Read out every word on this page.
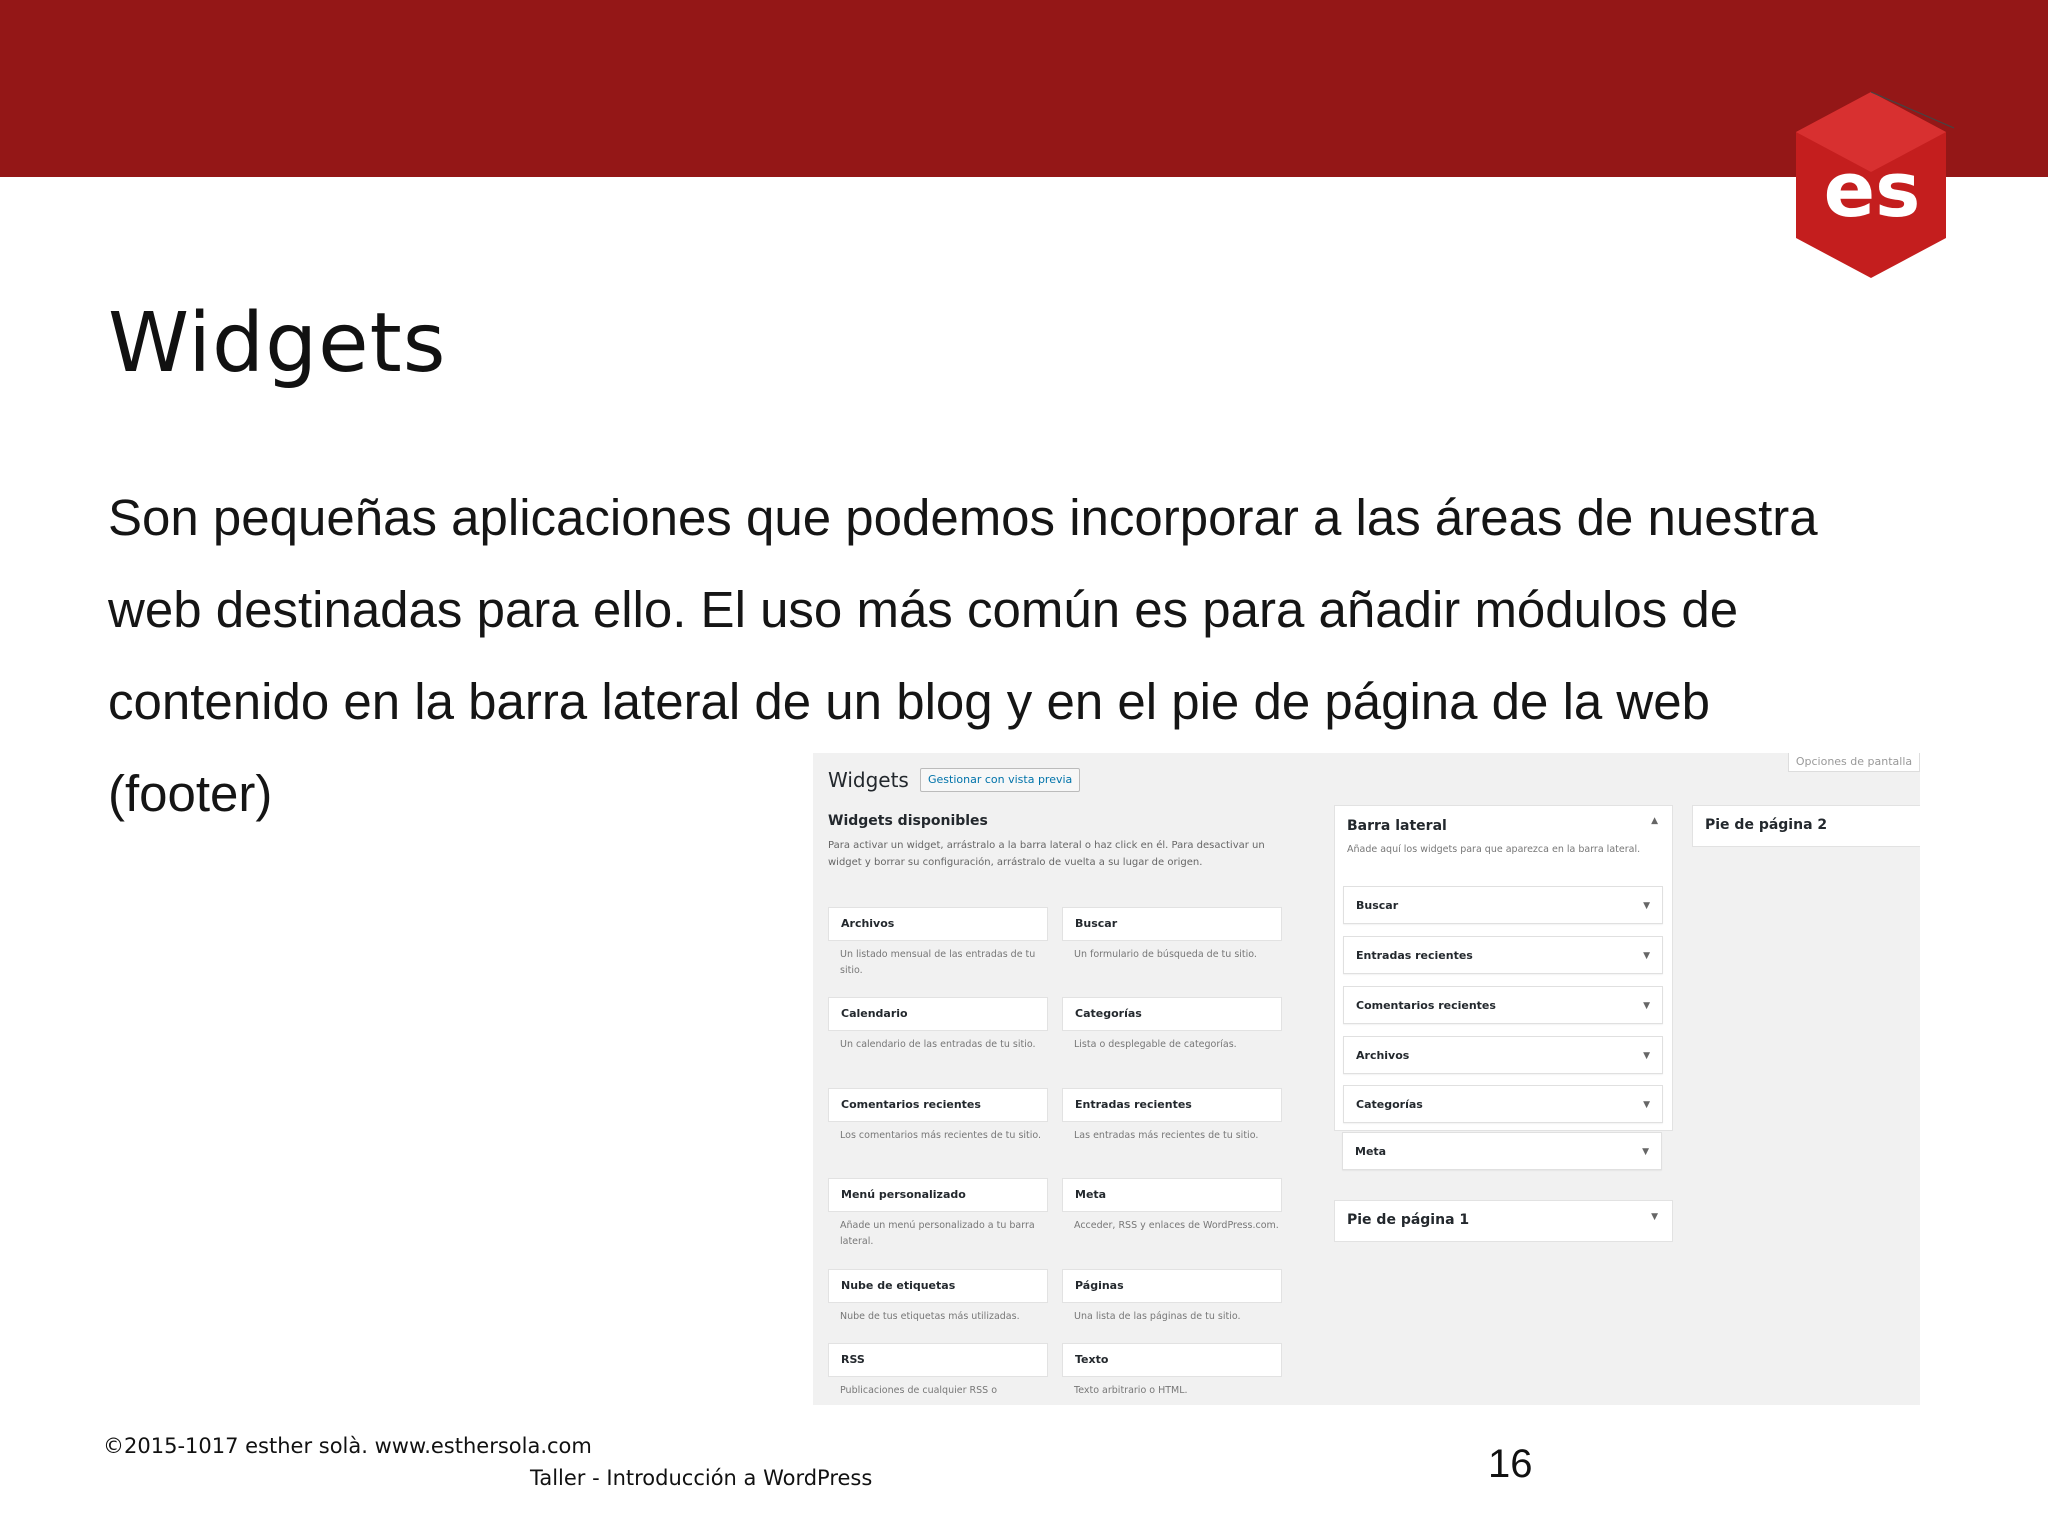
es
Widgets

Son pequeñas aplicaciones que podemos incorporar a las áreas de nuestra web destinadas para ello. El uso más común es para añadir módulos de contenido en la barra lateral de un blog y en el pie de página de la web (footer)

Opciones de pantalla
Widgets	Gestionar con vista previa
Widgets disponibles
Para activar un widget, arrástralo a la barra lateral o haz click en él. Para desactivar un widget y borrar su configuración, arrástralo de vuelta a su lugar de origen.
Archivos
Un listado mensual de las entradas de tu sitio.
Buscar
Un formulario de búsqueda de tu sitio.
Calendario
Un calendario de las entradas de tu sitio.
Categorías
Lista o desplegable de categorías.
Comentarios recientes
Los comentarios más recientes de tu sitio.
Entradas recientes
Las entradas más recientes de tu sitio.
Menú personalizado
Añade un menú personalizado a tu barra lateral.
Meta
Acceder, RSS y enlaces de WordPress.com.
Nube de etiquetas
Nube de tus etiquetas más utilizadas.
Páginas
Una lista de las páginas de tu sitio.
RSS
Publicaciones de cualquier RSS o
Texto
Texto arbitrario o HTML.
Barra lateral	▲
Añade aquí los widgets para que aparezca en la barra lateral.
Buscar	▼
Entradas recientes	▼
Comentarios recientes	▼
Archivos	▼
Categorías	▼
Meta	▼
Pie de página 1	▼
Pie de página 2
©2015-1017 esther solà. www.esthersola.com
Taller - Introducción a WordPress	16
